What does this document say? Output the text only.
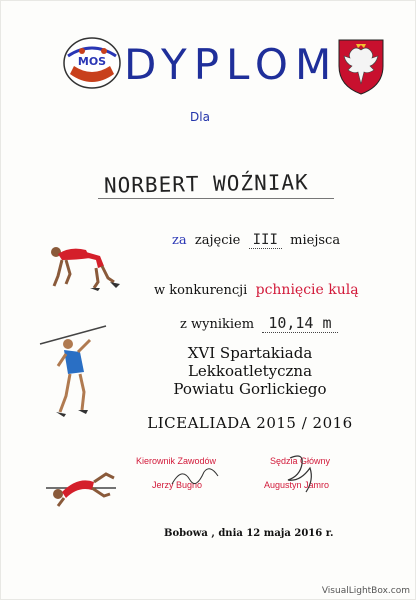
MOS DYPLOM
Dla
NORBERT WOŹNIAK
za zajęcie III miejsca
w konkurencji pchnięcie kulą
z wynikiem 10,14 m
XVI Spartakiada
Lekkoatletyczna
Powiatu Gorlickiego
LICEALIADA 2015 / 2016
Kierownik Zawodów
Jerzy Bugno
Sędzia Główny
Augustyn Jamro
Bobowa , dnia 12 maja 2016 r.
VisualLightBox.com
